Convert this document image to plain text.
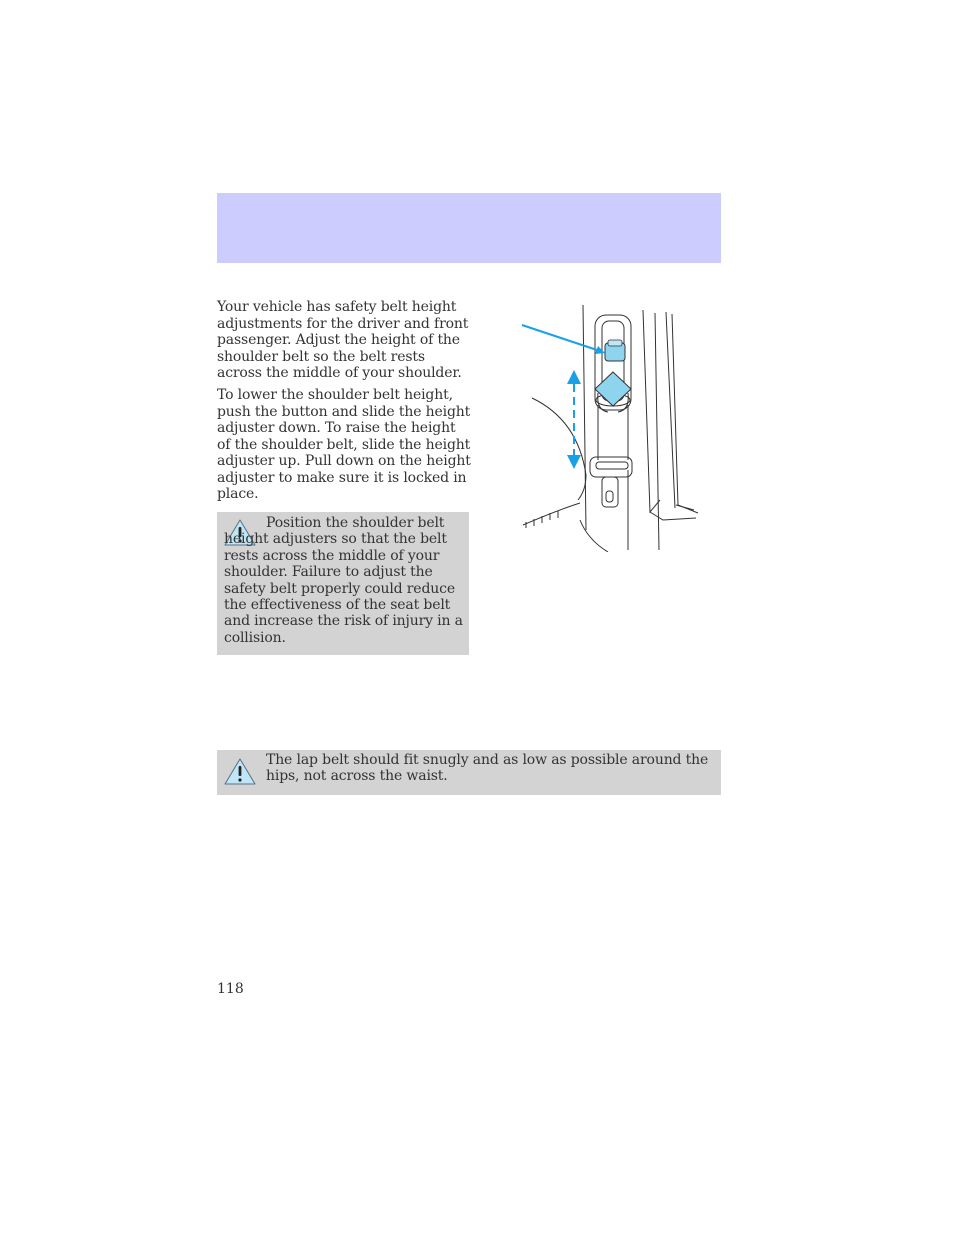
Your vehicle has safety belt height adjustments for the driver and front passenger. Adjust the height of the shoulder belt so the belt rests across the middle of your shoulder.

To lower the shoulder belt height, push the button and slide the height adjuster down. To raise the height of the shoulder belt, slide the height adjuster up. Pull down on the height adjuster to make sure it is locked in place.

Position the shoulder belt height adjusters so that the belt rests across the middle of your shoulder. Failure to adjust the safety belt properly could reduce the effectiveness of the seat belt and increase the risk of injury in a collision.

The lap belt should fit snugly and as low as possible around the hips, not across the waist.

118
